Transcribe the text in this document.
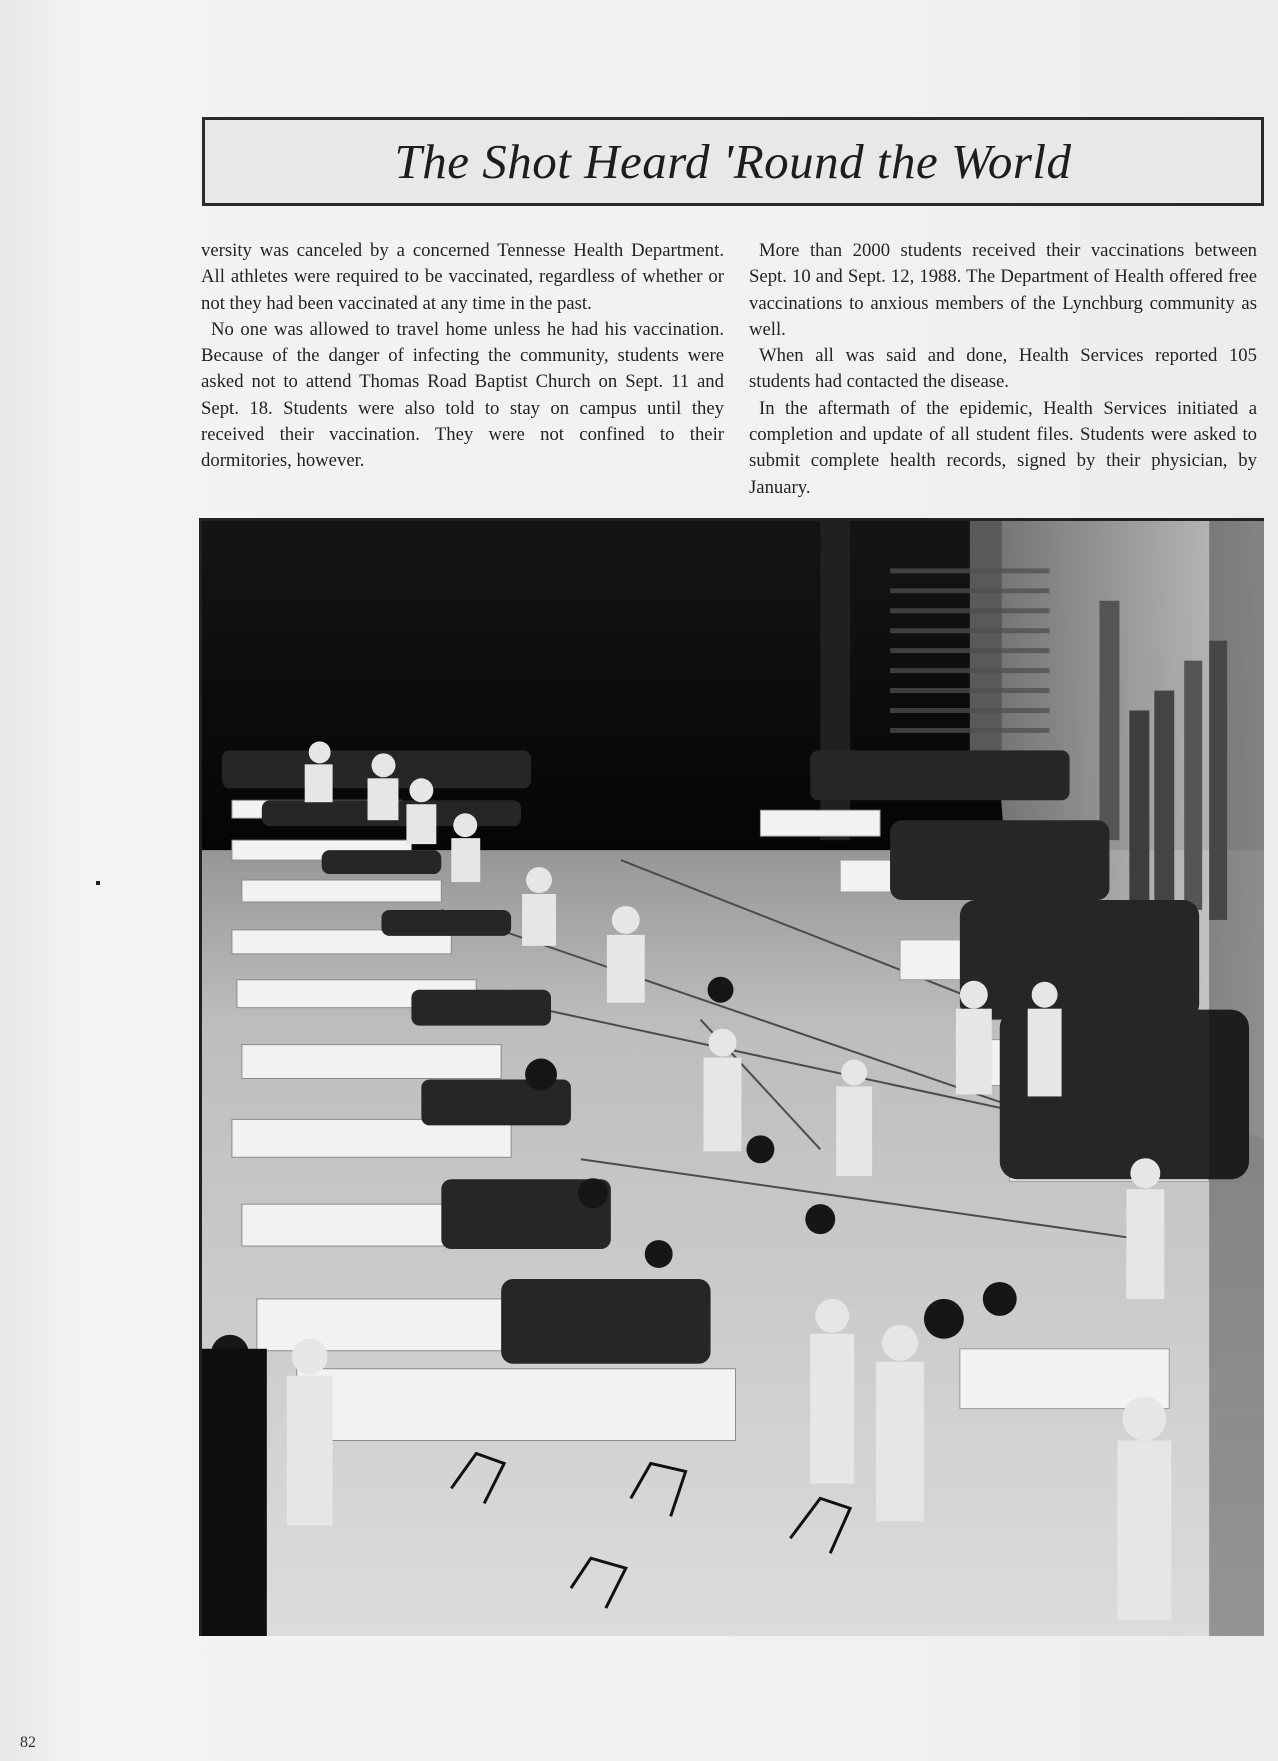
The Shot Heard 'Round the World

versity was canceled by a concerned Tennesse Health Department. All athletes were required to be vaccinated, regardless of whether or not they had been vaccinated at any time in the past.

No one was allowed to travel home unless he had his vaccination. Because of the danger of infecting the community, students were asked not to attend Thomas Road Baptist Church on Sept. 11 and Sept. 18. Students were also told to stay on campus until they received their vaccination. They were not confined to their dormitories, however.

More than 2000 students received their vaccinations between Sept. 10 and Sept. 12, 1988. The Department of Health offered free vaccinations to anxious members of the Lynchburg community as well.

When all was said and done, Health Services reported 105 students had contacted the disease.

In the aftermath of the epidemic, Health Services initiated a completion and update of all student files. Students were asked to submit complete health records, signed by their physician, by January.

82
